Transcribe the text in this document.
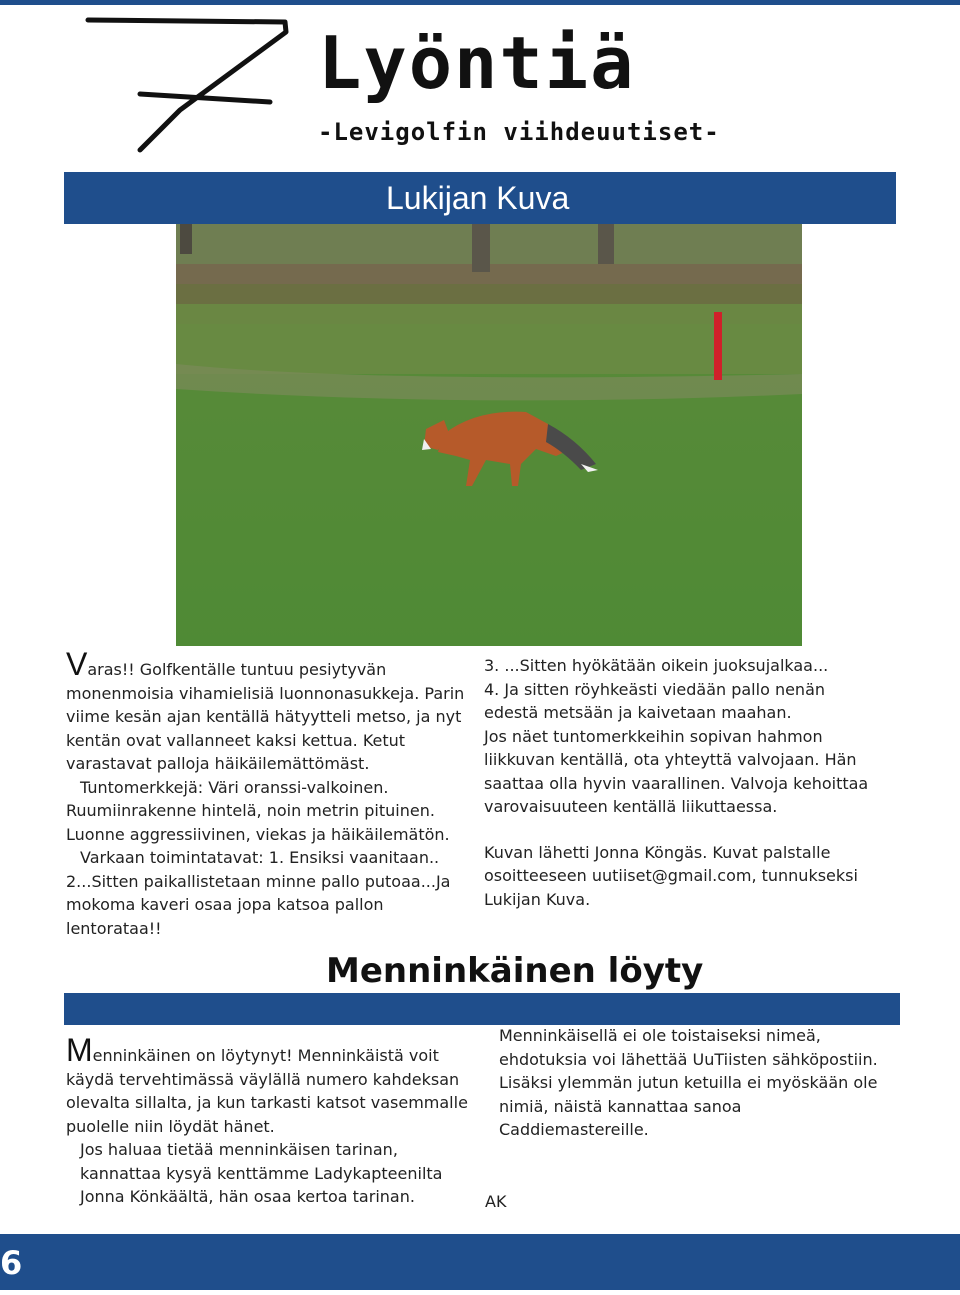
Lyöntiä
-Levigolfin viihdeuutiset-
Lukijan Kuva

Varas!! Golfkentälle tuntuu pesiytyvän monenmoisia vihamielisiä luonnonasukkeja. Parin viime kesän ajan kentällä hätyytteli metso, ja nyt kentän ovat vallanneet kaksi kettua. Ketut varastavat palloja häikäilemättömäst.

Tuntomerkkejä: Väri oranssi-valkoinen.

Ruumiinrakenne hintelä, noin metrin pituinen.

Luonne aggressiivinen, viekas ja häikäilemätön.

Varkaan toimintatavat: 1. Ensiksi vaanitaan..

2...Sitten paikallistetaan minne pallo putoaa...Ja mokoma kaveri osaa jopa katsoa pallon lentorataa!!

3. ...Sitten hyökätään oikein juoksujalkaa...

4. Ja sitten röyhkeästi viedään pallo nenän edestä metsään ja kaivetaan maahan.

Jos näet tuntomerkkeihin sopivan hahmon liikkuvan kentällä, ota yhteyttä valvojaan. Hän saattaa olla hyvin vaarallinen. Valvoja kehoittaa varovaisuuteen kentällä liikuttaessa.

Kuvan lähetti Jonna Köngäs. Kuvat palstalle osoitteeseen uutiiset@gmail.com, tunnukseksi Lukijan Kuva.

Menninkäinen löyty

Menninkäinen on löytynyt! Menninkäistä voit käydä tervehtimässä väylällä numero kahdeksan olevalta sillalta, ja kun tarkasti katsot vasemmalle puolelle niin löydät hänet.

Jos haluaa tietää menninkäisen tarinan, kannattaa kysyä kenttämme Ladykapteenilta Jonna Könkäältä, hän osaa kertoa tarinan.

Menninkäisellä ei ole toistaiseksi nimeä, ehdotuksia voi lähettää UuTiisten sähköpostiin. Lisäksi ylemmän jutun ketuilla ei myöskään ole nimiä, näistä kannattaa sanoa Caddiemastereille.

AK

6
